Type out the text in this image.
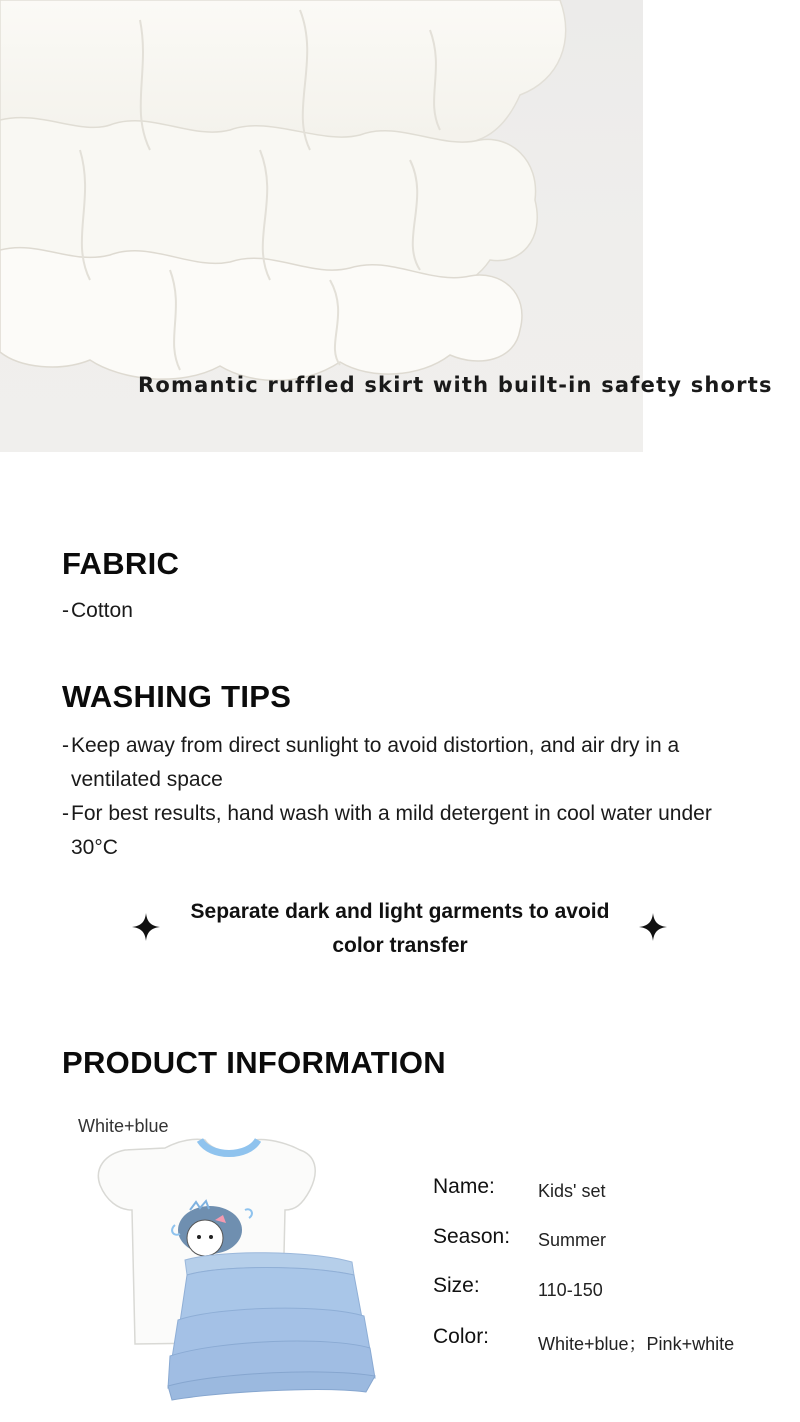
Romantic ruffled skirt with built-in safety shorts
FABRIC
- Cotton
WASHING TIPS
- Keep away from direct sunlight to avoid distortion, and air dry in a ventilated space
- For best results, hand wash with a mild detergent in cool water under 30°C
Separate dark and light garments to avoid color transfer
PRODUCT INFORMATION
White+blue
Name: Kids' set
Season: Summer
Size:	110-150
Color:	White+blue；Pink+white
